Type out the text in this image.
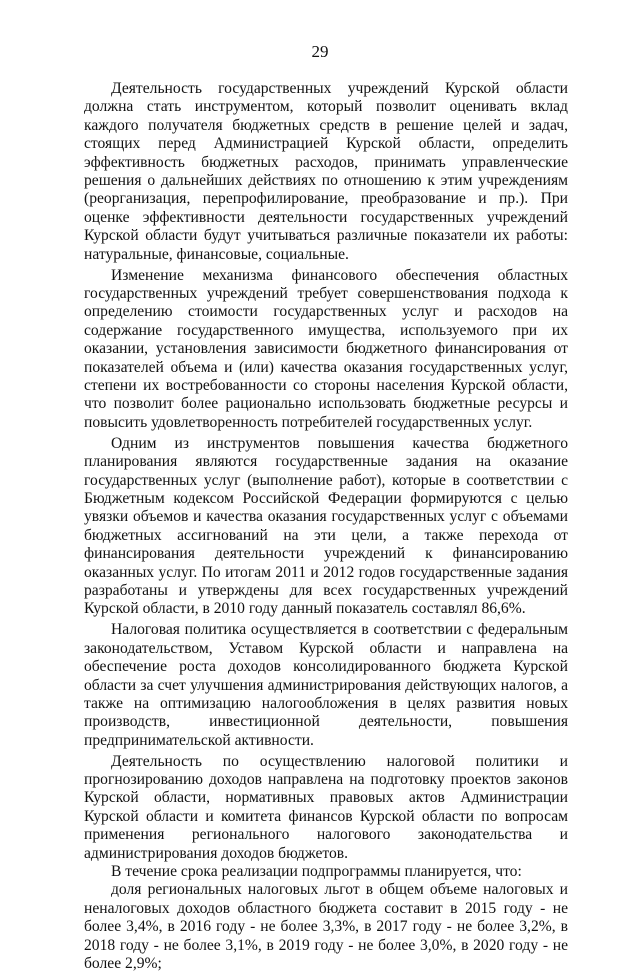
29

Деятельность государственных учреждений Курской области должна стать инструментом, который позволит оценивать вклад каждого получателя бюджетных средств в решение целей и задач, стоящих перед Администрацией Курской области, определить эффективность бюджетных расходов, принимать управленческие решения о дальнейших действиях по отношению к этим учреждениям (реорганизация, перепрофилирование, преобразование и пр.). При оценке эффективности деятельности государственных учреждений Курской области будут учитываться различные показатели их работы: натуральные, финансовые, социальные.

Изменение механизма финансового обеспечения областных государственных учреждений требует совершенствования подхода к определению стоимости государственных услуг и расходов на содержание государственного имущества, используемого при их оказании, установления зависимости бюджетного финансирования от показателей объема и (или) качества оказания государственных услуг, степени их востребованности со стороны населения Курской области, что позволит более рационально использовать бюджетные ресурсы и повысить удовлетворенность потребителей государственных услуг.

Одним из инструментов повышения качества бюджетного планирования являются государственные задания на оказание государственных услуг (выполнение работ), которые в соответствии с Бюджетным кодексом Российской Федерации формируются с целью увязки объемов и качества оказания государственных услуг с объемами бюджетных ассигнований на эти цели, а также перехода от финансирования деятельности учреждений к финансированию оказанных услуг. По итогам 2011 и 2012 годов государственные задания разработаны и утверждены для всех государственных учреждений Курской области, в 2010 году данный показатель составлял 86,6%.

Налоговая политика осуществляется в соответствии с федеральным законодательством, Уставом Курской области и направлена на обеспечение роста доходов консолидированного бюджета Курской области за счет улучшения администрирования действующих налогов, а также на оптимизацию налогообложения в целях развития новых производств, инвестиционной деятельности, повышения предпринимательской активности.

Деятельность по осуществлению налоговой политики и прогнозированию доходов направлена на подготовку проектов законов Курской области, нормативных правовых актов Администрации Курской области и комитета финансов Курской области по вопросам применения регионального налогового законодательства и администрирования доходов бюджетов.

В течение срока реализации подпрограммы планируется, что:

доля региональных налоговых льгот в общем объеме налоговых и неналоговых доходов областного бюджета составит в 2015 году - не более 3,4%, в 2016 году - не более 3,3%, в 2017 году - не более 3,2%, в 2018 году - не более 3,1%, в 2019 году - не более 3,0%, в 2020 году - не более 2,9%;
